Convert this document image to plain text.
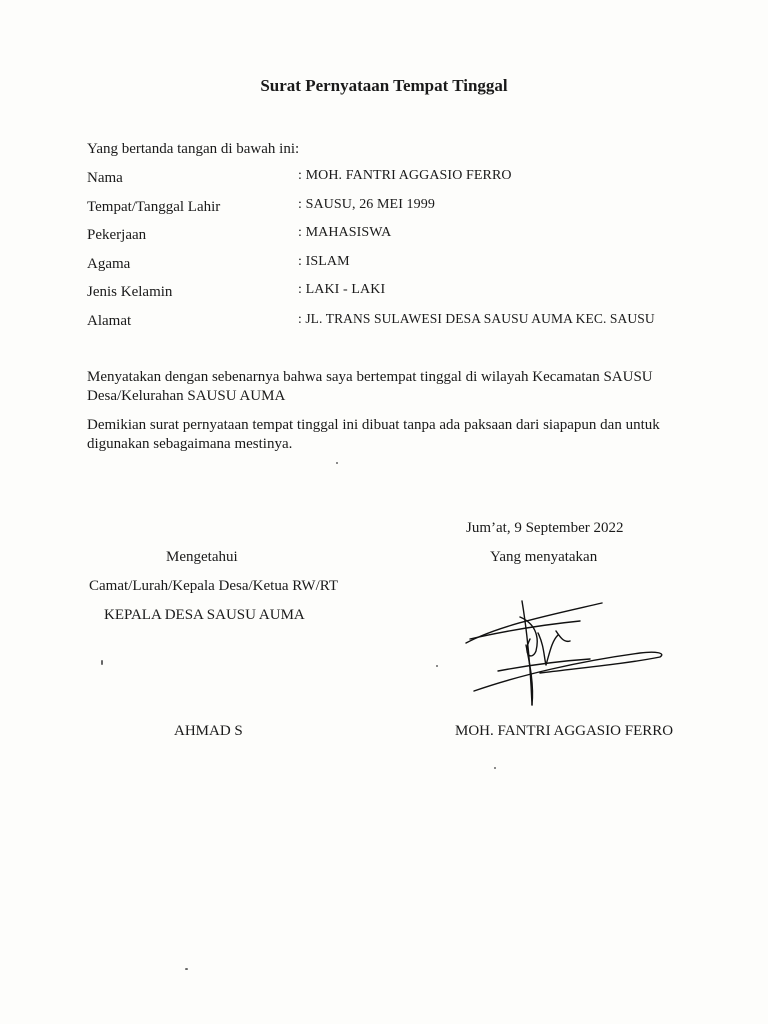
Surat Pernyataan Tempat Tinggal
Yang bertanda tangan di bawah ini:
Nama	: MOH. FANTRI AGGASIO FERRO
Tempat/Tanggal Lahir	: SAUSU, 26 MEI 1999
Pekerjaan	: MAHASISWA
Agama	: ISLAM
Jenis Kelamin	: LAKI - LAKI
Alamat	: JL. TRANS SULAWESI DESA SAUSU AUMA KEC. SAUSU
Menyatakan dengan sebenarnya bahwa saya bertempat tinggal di wilayah Kecamatan SAUSU Desa/Kelurahan SAUSU AUMA
Demikian surat pernyataan tempat tinggal ini dibuat tanpa ada paksaan dari siapapun dan untuk digunakan sebagaimana mestinya.
Jum’at, 9 September 2022
Yang menyatakan
Mengetahui
Camat/Lurah/Kepala Desa/Ketua RW/RT
KEPALA DESA SAUSU AUMA
AHMAD S	MOH. FANTRI AGGASIO FERRO
